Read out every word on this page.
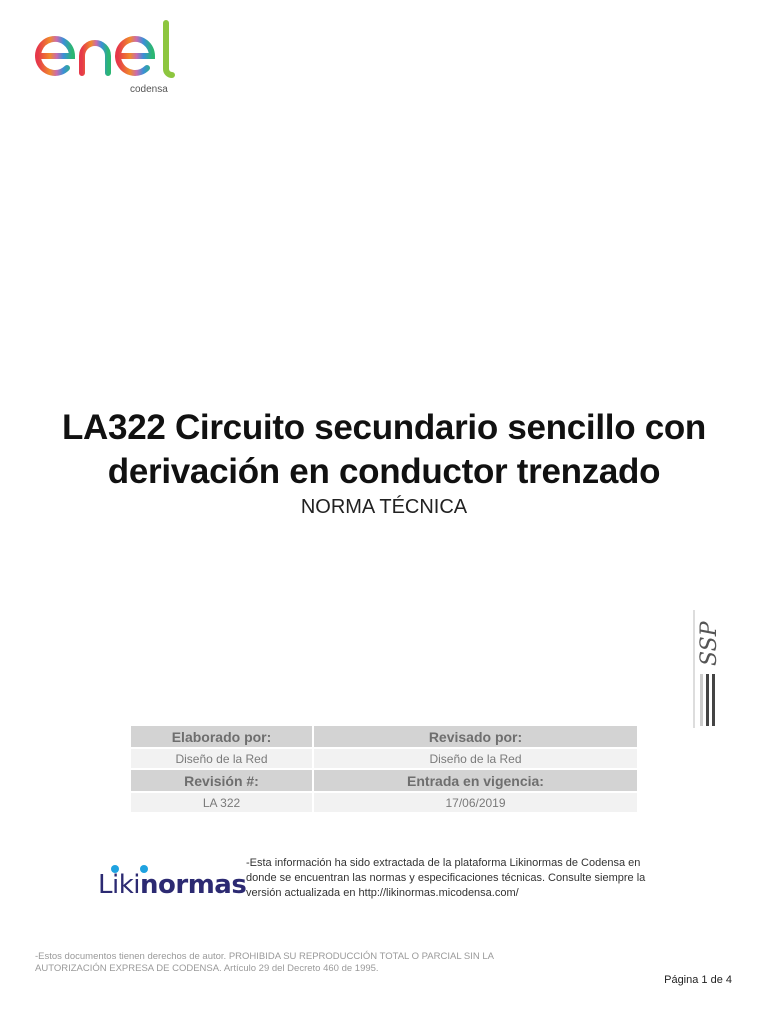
codensa
LA322 Circuito secundario sencillo con derivación en conductor trenzado
NORMA TÉCNICA
SSP
Elaborado por:	Revisado por:
Diseño de la Red	Diseño de la Red
Revisión #:	Entrada en vigencia:
LA 322	17/06/2019
Likinormas
-Esta información ha sido extractada de la plataforma Likinormas de Codensa en donde se encuentran las normas y especificaciones técnicas. Consulte siempre la versión actualizada en http://likinormas.micodensa.com/
-Estos documentos tienen derechos de autor. PROHIBIDA SU REPRODUCCIÓN TOTAL O PARCIAL SIN LA AUTORIZACIÓN EXPRESA DE CODENSA. Artículo 29 del Decreto 460 de 1995.
Página 1 de 4
